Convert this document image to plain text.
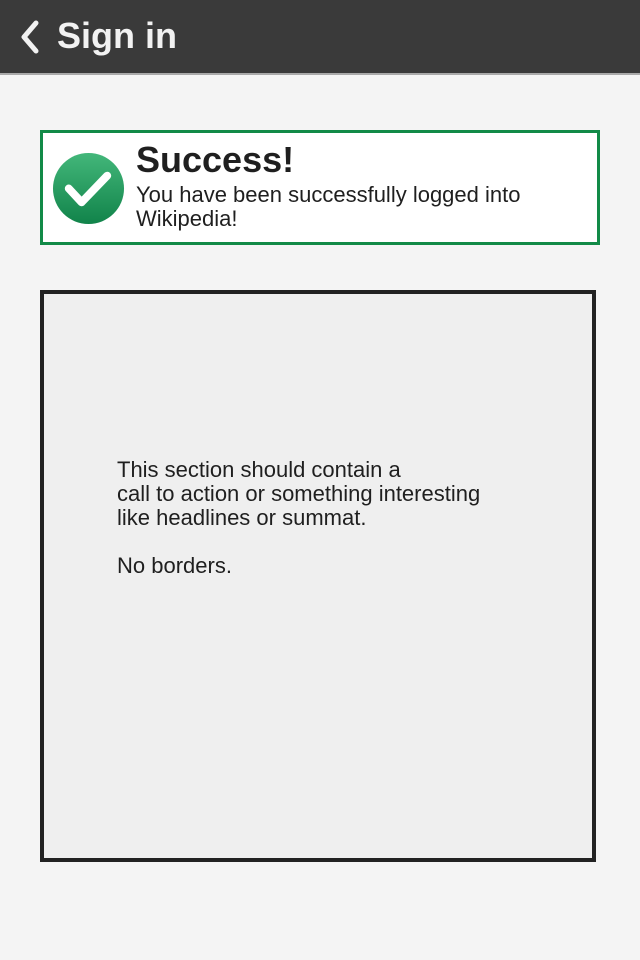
Sign in
Success!
You have been successfully logged into Wikipedia!

This section should contain a
call to action or something interesting
like headlines or summat.

No borders.
